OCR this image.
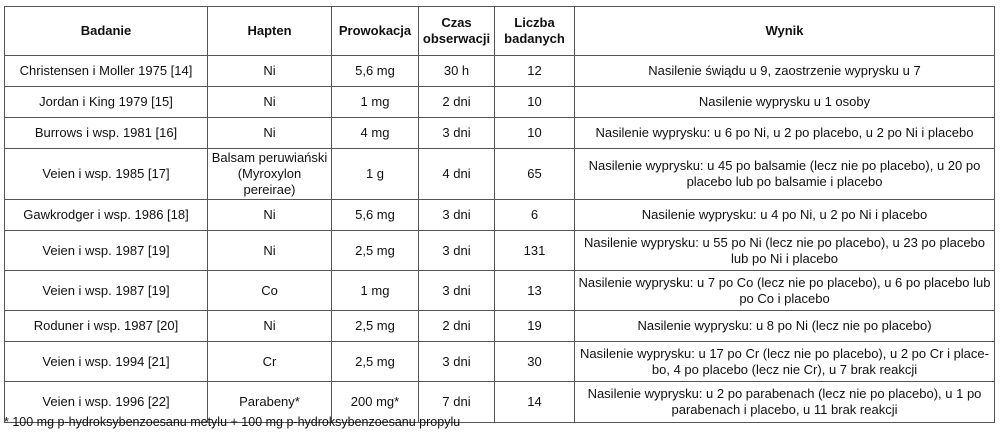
Badanie	Hapten	Prowokacja	Czas obserwacji	Liczba badanych	Wynik
Christensen i Moller 1975 [14]	Ni	5,6 mg	30 h	12	Nasilenie świądu u 9, zaostrzenie wyprysku u 7
Jordan i King 1979 [15]	Ni	1 mg	2 dni	10	Nasilenie wyprysku u 1 osoby
Burrows i wsp. 1981 [16]	Ni	4 mg	3 dni	10	Nasilenie wyprysku: u 6 po Ni, u 2 po placebo, u 2 po Ni i placebo
Veien i wsp. 1985 [17]	Balsam peruwiański (Myroxylon pereirae)	1 g	4 dni	65	Nasilenie wyprysku: u 45 po balsamie (lecz nie po placebo), u 20 po placebo lub po balsamie i placebo
Gawkrodger i wsp. 1986 [18]	Ni	5,6 mg	3 dni	6	Nasilenie wyprysku: u 4 po Ni, u 2 po Ni i placebo
Veien i wsp. 1987 [19]	Ni	2,5 mg	3 dni	131	Nasilenie wyprysku: u 55 po Ni (lecz nie po placebo), u 23 po placebo lub po Ni i placebo
Veien i wsp. 1987 [19]	Co	1 mg	3 dni	13	Nasilenie wyprysku: u 7 po Co (lecz nie po placebo), u 6 po placebo lub po Co i placebo
Roduner i wsp. 1987 [20]	Ni	2,5 mg	2 dni	19	Nasilenie wyprysku: u 8 po Ni (lecz nie po placebo)
Veien i wsp. 1994 [21]	Cr	2,5 mg	3 dni	30	Nasilenie wyprysku: u 17 po Cr (lecz nie po placebo), u 2 po Cr i place-bo, 4 po placebo (lecz nie Cr), u 7 brak reakcji
Veien i wsp. 1996 [22]	Parabeny*	200 mg*	7 dni	14	Nasilenie wyprysku: u 2 po parabenach (lecz nie po placebo), u 1 po parabenach i placebo, u 11 brak reakcji
* 100 mg p-hydroksybenzoesanu metylu + 100 mg p-hydroksybenzoesanu propylu
